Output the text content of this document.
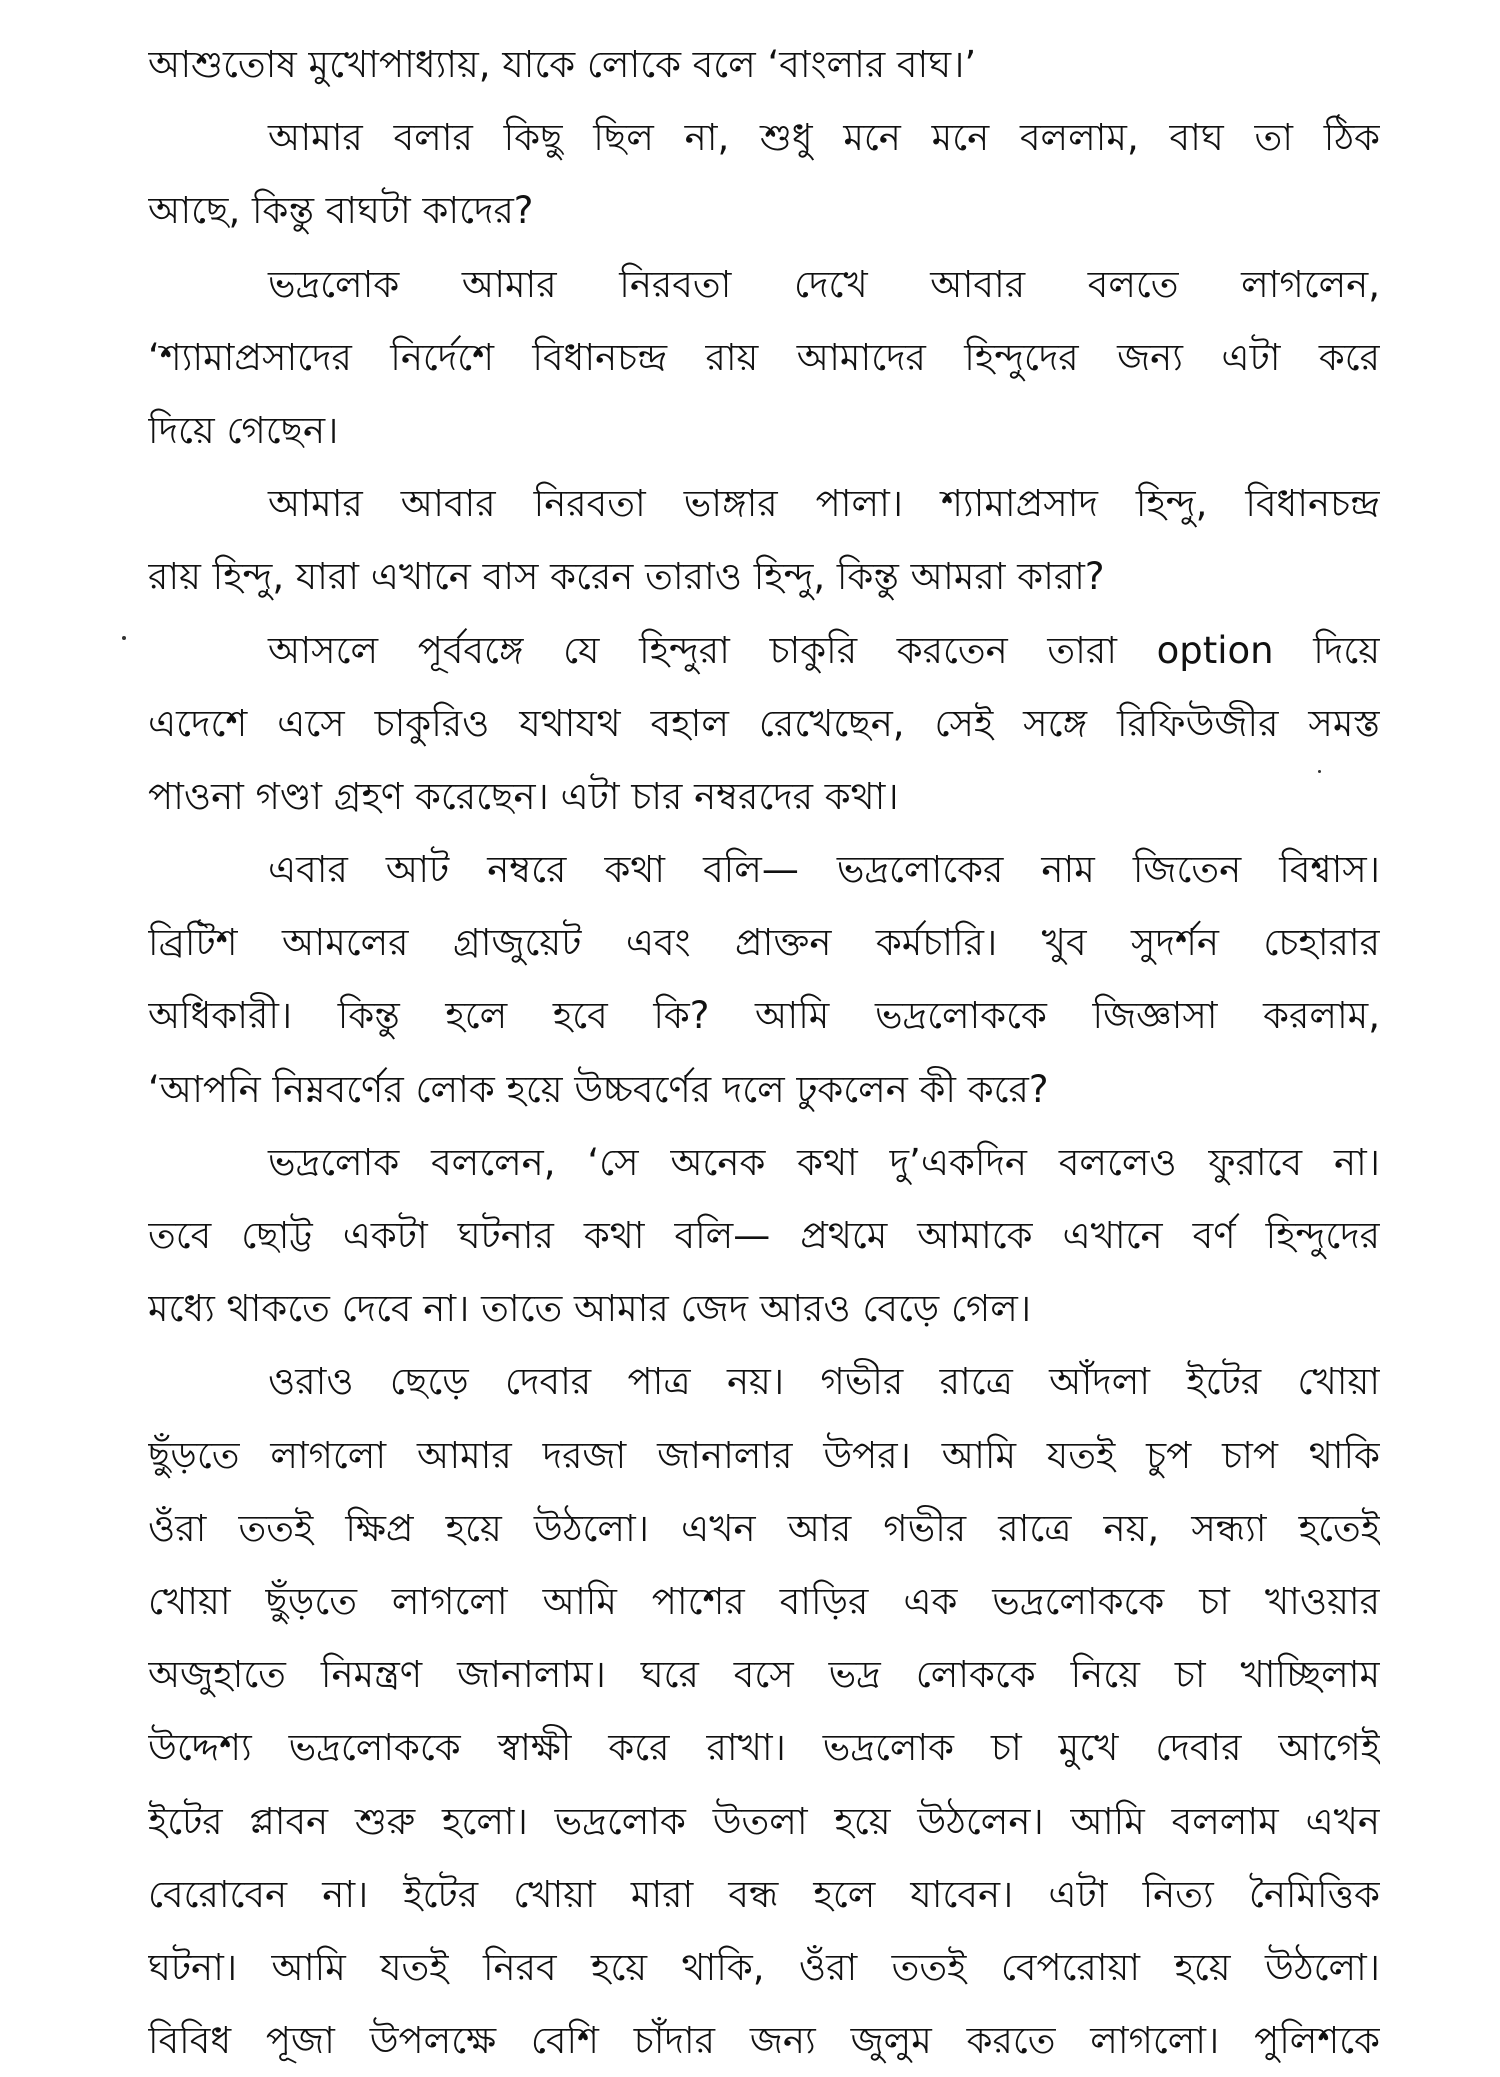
আশুতোষ মুখোপাধ্যায়, যাকে লোকে বলে ‘বাংলার বাঘ।’
আমার বলার কিছু ছিল না, শুধু মনে মনে বললাম, বাঘ তা ঠিক
আছে, কিন্তু বাঘটা কাদের?
ভদ্রলোক আমার নিরবতা দেখে আবার বলতে লাগলেন,
‘শ্যামাপ্রসাদের নির্দেশে বিধানচন্দ্র রায় আমাদের হিন্দুদের জন্য এটা করে
দিয়ে গেছেন।
আমার আবার নিরবতা ভাঙ্গার পালা। শ্যামাপ্রসাদ হিন্দু, বিধানচন্দ্র
রায় হিন্দু, যারা এখানে বাস করেন তারাও হিন্দু, কিন্তু আমরা কারা?
আসলে পূর্ববঙ্গে যে হিন্দুরা চাকুরি করতেন তারা option দিয়ে
এদেশে এসে চাকুরিও যথাযথ বহাল রেখেছেন, সেই সঙ্গে রিফিউজীর সমস্ত
পাওনা গণ্ডা গ্রহণ করেছেন। এটা চার নম্বরদের কথা।
এবার আট নম্বরে কথা বলি— ভদ্রলোকের নাম জিতেন বিশ্বাস।
ব্রিটিশ আমলের গ্রাজুয়েট এবং প্রাক্তন কর্মচারি। খুব সুদর্শন চেহারার
অধিকারী। কিন্তু হলে হবে কি? আমি ভদ্রলোককে জিজ্ঞাসা করলাম,
‘আপনি নিম্নবর্ণের লোক হয়ে উচ্চবর্ণের দলে ঢুকলেন কী করে?
ভদ্রলোক বললেন, ‘সে অনেক কথা দু’একদিন বললেও ফুরাবে না।
তবে ছোট্ট একটা ঘটনার কথা বলি— প্রথমে আমাকে এখানে বর্ণ হিন্দুদের
মধ্যে থাকতে দেবে না। তাতে আমার জেদ আরও বেড়ে গেল।
ওরাও ছেড়ে দেবার পাত্র নয়। গভীর রাত্রে আঁদলা ইটের খোয়া
ছুঁড়তে লাগলো আমার দরজা জানালার উপর। আমি যতই চুপ চাপ থাকি
ওঁরা ততই ক্ষিপ্র হয়ে উঠলো। এখন আর গভীর রাত্রে নয়, সন্ধ্যা হতেই
খোয়া ছুঁড়তে লাগলো আমি পাশের বাড়ির এক ভদ্রলোককে চা খাওয়ার
অজুহাতে নিমন্ত্রণ জানালাম। ঘরে বসে ভদ্র লোককে নিয়ে চা খাচ্ছিলাম
উদ্দেশ্য ভদ্রলোককে স্বাক্ষী করে রাখা। ভদ্রলোক চা মুখে দেবার আগেই
ইটের প্লাবন শুরু হলো। ভদ্রলোক উতলা হয়ে উঠলেন। আমি বললাম এখন
বেরোবেন না। ইটের খোয়া মারা বন্ধ হলে যাবেন। এটা নিত্য নৈমিত্তিক
ঘটনা। আমি যতই নিরব হয়ে থাকি, ওঁরা ততই বেপরোয়া হয়ে উঠলো।
বিবিধ পূজা উপলক্ষে বেশি চাঁদার জন্য জুলুম করতে লাগলো। পুলিশকে
